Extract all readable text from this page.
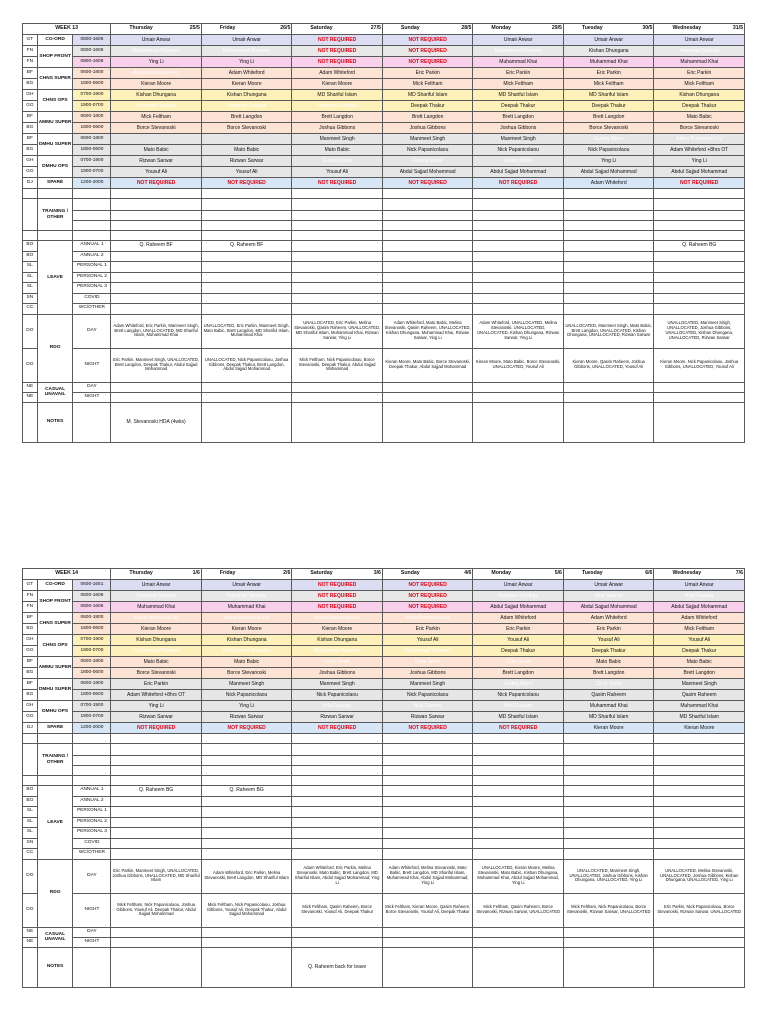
WEEK 13			Thursday 25/5	Friday 26/5	Saturday 27/5	Sunday 28/5	Monday 29/5	Tuesday 30/5	Wednesday 31/5

GT	CO-ORD	0800-1606	Umair Anwar	Umair Anwar	NOT REQUIRED	NOT REQUIRED	Umair Anwar	Umair Anwar	Umair Anwar
FN	SHOP FRONT	0800-1606	Muhammad Waseem	Muhammad Waseem	NOT REQUIRED	NOT REQUIRED	Muhammad Waseem	Kishan Dhungana	Hammad Siddiqui
FN		0800-1606	Ying Li	Ying Li	NOT REQUIRED	NOT REQUIRED	Muhammad Khai	Muhammad Khai	Muhammad Khai
BF	CHNS SUPER	0600-1800	Alana Romaniuk-Fry	Adam Whiteford	Adam Whiteford	Eric Parkin	Eric Parkin	Eric Parkin	Eric Parkin
BG		1800-0600	Kieran Moore	Kieran Moore	Kieran Moore	Mick Feltham	Mick Feltham	Mick Feltham	Mick Feltham
GH	CHNS OPS	0700-1900	Kishan Dhungana	Kishan Dhungana	MD Shariful Islam	MD Shariful Islam	MD Shariful Islam	MD Shariful Islam	Kishan Dhungana
GG		1900-0700	Hammad Siddiqui	Hammad Siddiqui	Hammad Siddiqui	Deepak Thakur	Deepak Thakur	Deepak Thakur	Deepak Thakur
BF	AMMU SUPER	0600-1800	Mick Feltham	Brett Langdon	Brett Langdon	Brett Langdon	Brett Langdon	Brett Langdon	Mato Babic
BG		1800-0600	Borce Stevanoski	Borce Stevanoski	Joshua Gibbons	Joshua Gibbons	Joshua Gibbons	Borce Stevanoski	Borce Stevanoski
BF	DMHU SUPER	0600-1800			Manmeet Singh	Manmeet Singh	Manmeet Singh	Gurteg Mann	Alana Romaniuk-Fry
BG		1800-0600	Mato Babic	Mato Babic	Mato Babic	Nick Papanicolaou	Nick Papanicolaou	Nick Papanicolaou	Adam Whiteford +8hrs OT
GH	DMHU OPS	0700-1900	Rizwan Sarwar	Rizwan Sarwar	Gurteg Mann	Gurteg Mann	Gurteg Mann	Ying Li	Ying Li
GG		1900-0700	Yousuf Ali	Yousuf Ali	Yousuf Ali	Abdul Sajjad Mohammad	Abdul Sajjad Mohammad	Abdul Sajjad Mohammad	Abdul Sajjad Mohammad
DJ	SPARE	1200-2000	NOT REQUIRED	NOT REQUIRED	NOT REQUIRED	NOT REQUIRED	NOT REQUIRED	Adam Whiteford	NOT REQUIRED

	TRAINING / OTHER								

BO	LEAVE	ANNUAL 1	Q. Raheem BF	Q. Raheem BF					Q. Raheem BG
BO		ANNUAL 2							
SL		PERSONAL 1							
SL		PERSONAL 2							
SL		PERSONAL 3							
SN		COVID							
CC		WC/OTHER							
DO	RDO	DAY	Adam Whiteford, Eric Parkin, Manmeet Singh, Brett Langdon, UNALLOCATED, MD Shariful Islam, Muhammad Khai	UNALLOCATED, Eric Parkin, Manmeet Singh, Mato Babic, Brett Langdon, MD Shariful Islam, Muhammad Khai	UNALLOCATED, Eric Parkin, Melina Stevanoski, Qasim Raheem, UNALLOCATED, MD Shariful Islam, Muhammad Khai, Rizwan Sarwar, Ying Li	Adam Whiteford, Mato Babic, Melina Stevanoski, Qasim Raheem, UNALLOCATED, Kishan Dhungana, Muhammad Khai, Rizwan Sarwar, Ying Li	Adam Whiteford, UNALLOCATED, Melina Stevanoski, UNALLOCATED, UNALLOCATED, Kishan Dhungana, Rizwan Sarwar, Ying Li	UNALLOCATED, Manmeet Singh, Mato Babic, Brett Langdon, UNALLOCATED, Kishan Dhungana, UNALLOCATED, Rizwan Sarwar	UNALLOCATED, Manmeet Singh, UNALLOCATED, Joshua Gibbons, UNALLOCATED, Kishan Dhungana, UNALLOCATED, Rizwan Sarwar
DO		NIGHT	Eric Parkin, Manmeet Singh, UNALLOCATED, Brett Langdon, Deepak Thakur, Abdul Sajjad Mohammad	UNALLOCATED, Nick Papanicolaou, Joshua Gibbons, Deepak Thakur, Brett Langdon, Abdul Sajjad Mohammad	Mick Feltham, Nick Papanicolaou, Borce Stevanoski, Deepak Thakur, Abdul Sajjad Mohammad	Kieran Moore, Mato Babic, Borce Stevanoski, Deepak Thakur, Abdul Sajjad Mohammad	Kieran Moore, Mato Babic, Borce Stevanoski, UNALLOCATED, Yousuf Ali	Kieran Moore, Qasim Raheem, Joshua Gibbons, UNALLOCATED, Yousuf Ali	Kieran Moore, Nick Papanicolaou, Joshua Gibbons, UNALLOCATED, Yousuf Ali
NE	CASUAL UNAVAIL	DAY							
NE		NIGHT							
	NOTES		M. Stevanoski HDA (4wks)						
WEEK 14			Thursday 1/6	Friday 2/6	Saturday 3/6	Sunday 4/6	Monday 5/6	Tuesday 6/6	Wednesday 7/6

GT	CO-ORD	0600-1651	Umair Anwar	Umair Anwar	NOT REQUIRED	NOT REQUIRED	Umair Anwar	Umair Anwar	Umair Anwar
FN	SHOP FRONT	0800-1606	Hammad Siddiqui	Hammad Siddiqui	NOT REQUIRED	NOT REQUIRED	Hammad Siddiqui	Bilal Razzaq	Bilal Razzaq
FN		0800-1606	Muhammad Khai	Muhammad Khai	NOT REQUIRED	NOT REQUIRED	Abdul Sajjad Mohammad	Abdul Sajjad Mohammad	Abdul Sajjad Mohammad
BF	CHNS SUPER	0600-1800	Alana Romaniuk-Fry	Alana Romaniuk-Fry	Alana Romaniuk-Fry	Alana Romaniuk-Fry	Adam Whiteford	Adam Whiteford	Adam Whiteford
BG		1800-0600	Kieran Moore	Kieran Moore	Kieran Moore	Eric Parkin	Eric Parkin	Eric Parkin	Mick Feltham
GH	CHNS OPS	0700-1900	Kishan Dhungana	Kishan Dhungana	Kishan Dhungana	Yousuf Ali	Yousuf Ali	Yousuf Ali	Yousuf Ali
GG		1900-0700	Muhammad Waseem	Muhammad Waseem	Muhammad Waseem	Muhammad Waseem	Deepak Thakur	Deepak Thakur	Deepak Thakur
BF	AMMU SUPER	0600-1800	Mato Babic	Mato Babic	Chris Smith	Chris Smith	Chris Smith	Mato Babic	Mato Babic
BG		1800-0600	Borce Stevanoski	Borce Stevanoski	Joshua Gibbons	Joshua Gibbons	Brett Langdon	Brett Langdon	Brett Langdon
BF	DMHU SUPER	0600-1800	Eric Parkin	Manmeet Singh	Manmeet Singh	Manmeet Singh	Gurteg Mann	Chris Smith	Manmeet Singh
BG		1800-0600	Adam Whiteford +8hrs OT	Nick Papanicolaou	Nick Papanicolaou	Nick Papanicolaou	Nick Papanicolaou	Qasim Raheem	Qasim Raheem
GH	DMHU OPS	0700-1900	Ying Li	Ying Li	Bilal Razzaq	Bilal Razzaq	Bilal Razzaq	Muhammad Khai	Muhammad Khai
GG		1900-0700	Rizwan Sarwar	Rizwan Sarwar	Rizwan Sarwar	Rizwan Sarwar	MD Shariful Islam	MD Shariful Islam	MD Shariful Islam
DJ	SPARE	1200-2000	NOT REQUIRED	NOT REQUIRED	NOT REQUIRED	NOT REQUIRED	NOT REQUIRED	Kieran Moore	Kieran Moore

	TRAINING / OTHER								

BO	LEAVE	ANNUAL 1	Q. Raheem BG	Q. Raheem BG					
BO		ANNUAL 2							
SL		PERSONAL 1							
SL		PERSONAL 2							
SL		PERSONAL 3							
SN		COVID							
CC		WC/OTHER							
DO	RDO	DAY	Eric Parkin, Manmeet Singh, UNALLOCATED, Joshua Gibbons, UNALLOCATED, MD Shariful Islam	Adam Whiteford, Eric Parkin, Melina Stevanoski, Brett Langdon, MD Shariful Islam	Adam Whiteford, Eric Parkin, Melina Stevanoski, Mato Babic, Brett Langdon, MD Shariful Islam, Abdul Sajjad Mohammad, Ying Li	Adam Whiteford, Melina Stevanoski, Mato Babic, Brett Langdon, MD Shariful Islam, Muhammad Khai, Abdul Sajjad Mohammad, Ying Li	UNALLOCATED, Kieran Moore, Melina Stevanoski, Mato Babic, Kishan Dhungana, Muhammad Khai, Abdul Sajjad Mohammad, Ying Li	UNALLOCATED, Manmeet Singh, UNALLOCATED, Joshua Gibbons, Kishan Dhungana, UNALLOCATED, Ying Li	UNALLOCATED, Melina Stevanoski, UNALLOCATED, Joshua Gibbons, Kishan Dhungana, UNALLOCATED, Ying Li
DO		NIGHT	Mick Feltham, Nick Papanicolaou, Joshua Gibbons, Yousuf Ali, Deepak Thakur, Abdul Sajjad Mohammad	Mick Feltham, Nick Papanicolaou, Joshua Gibbons, Yousuf Ali, Deepak Thakur, Abdul Sajjad Mohammad	Mick Feltham, Qasim Raheem, Borce Stevanoski, Yousuf Ali, Deepak Thakur	Mick Feltham, Kieran Moore, Qasim Raheem, Borce Stevanoski, Yousuf Ali, Deepak Thakur	Mick Feltham, Qasim Raheem, Borce Stevanoski, Rizwan Sarwar, UNALLOCATED	Mick Feltham, Nick Papanicolaou, Borce Stevanoski, Rizwan Sarwar, UNALLOCATED	Eric Parkin, Nick Papanicolaou, Borce Stevanoski, Rizwan Sarwar, UNALLOCATED
NE	CASUAL UNAVAIL	DAY							
NE		NIGHT							
	NOTES				Q. Raheem back for leave				
